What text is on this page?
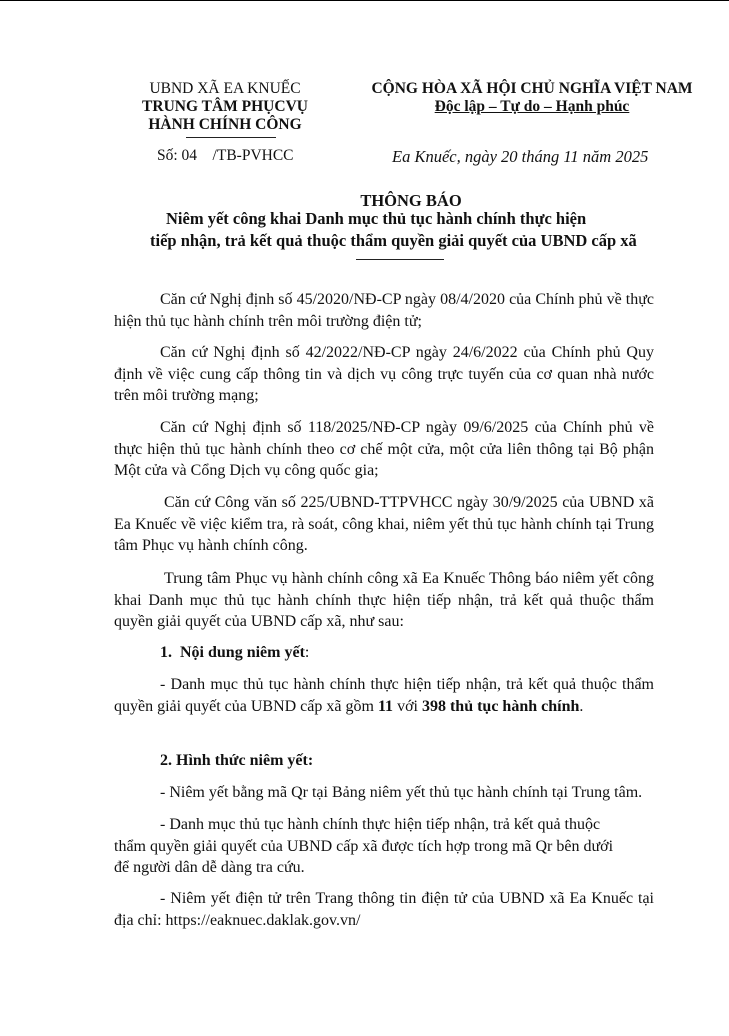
UBND XÃ EA KNUẾC
TRUNG TÂM PHỤCVỤ
HÀNH CHÍNH CÔNG
Số: 04    /TB-PVHCC
CỘNG HÒA XÃ HỘI CHỦ NGHĨA VIỆT NAM
Độc lập – Tự do – Hạnh phúc
Ea Knuếc, ngày 20 tháng 11 năm 2025
THÔNG BÁO
Niêm yết công khai Danh mục thủ tục hành chính thực hiện
tiếp nhận, trả kết quả thuộc thẩm quyền giải quyết của UBND cấp xã
Căn cứ Nghị định số 45/2020/NĐ-CP ngày 08/4/2020 của Chính phủ về thực hiện thủ tục hành chính trên môi trường điện tử;
Căn cứ Nghị định số 42/2022/NĐ-CP ngày 24/6/2022 của Chính phủ Quy định về việc cung cấp thông tin và dịch vụ công trực tuyến của cơ quan nhà nước trên môi trường mạng;
Căn cứ Nghị định số 118/2025/NĐ-CP ngày 09/6/2025 của Chính phủ về thực hiện thủ tục hành chính theo cơ chế một cửa, một cửa liên thông tại Bộ phận Một cửa và Cổng Dịch vụ công quốc gia;
Căn cứ Công văn số 225/UBND-TTPVHCC ngày 30/9/2025 của UBND xã Ea Knuếc về việc kiểm tra, rà soát, công khai, niêm yết thủ tục hành chính tại Trung tâm Phục vụ hành chính công.
Trung tâm Phục vụ hành chính công xã Ea Knuếc Thông báo niêm yết công khai Danh mục thủ tục hành chính thực hiện tiếp nhận, trả kết quả thuộc thẩm quyền giải quyết của UBND cấp xã, như sau:
1. Nội dung niêm yết:
- Danh mục thủ tục hành chính thực hiện tiếp nhận, trả kết quả thuộc thẩm quyền giải quyết của UBND cấp xã gồm 11 với 398 thủ tục hành chính.
2. Hình thức niêm yết:
- Niêm yết bằng mã Qr tại Bảng niêm yết thủ tục hành chính tại Trung tâm.
- Danh mục thủ tục hành chính thực hiện tiếp nhận, trả kết quả thuộc thẩm quyền giải quyết của UBND cấp xã được tích hợp trong mã Qr bên dưới để người dân dễ dàng tra cứu.
- Niêm yết điện tử trên Trang thông tin điện tử của UBND xã Ea Knuếc tại địa chỉ: https://eaknuec.daklak.gov.vn/
